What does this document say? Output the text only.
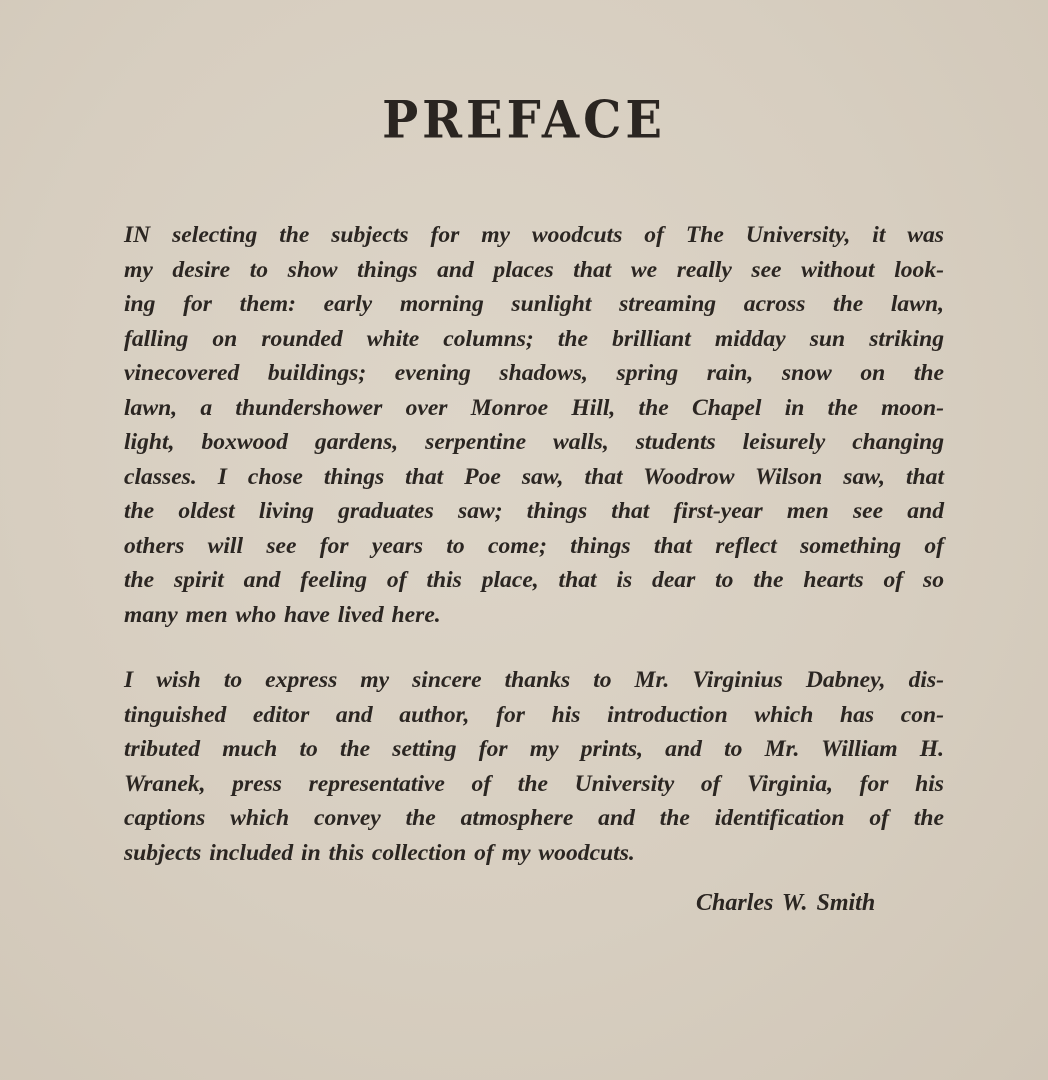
PREFACE
IN selecting the subjects for my woodcuts of The University, it was
my desire to show things and places that we really see without look-
ing for them: early morning sunlight streaming across the lawn,
falling on rounded white columns; the brilliant midday sun striking
vinecovered buildings; evening shadows, spring rain, snow on the
lawn, a thundershower over Monroe Hill, the Chapel in the moon-
light, boxwood gardens, serpentine walls, students leisurely changing
classes. I chose things that Poe saw, that Woodrow Wilson saw, that
the oldest living graduates saw; things that first-year men see and
others will see for years to come; things that reflect something of
the spirit and feeling of this place, that is dear to the hearts of so
many men who have lived here.
I wish to express my sincere thanks to Mr. Virginius Dabney, dis-
tinguished editor and author, for his introduction which has con-
tributed much to the setting for my prints, and to Mr. William H.
Wranek, press representative of the University of Virginia, for his
captions which convey the atmosphere and the identification of the
subjects included in this collection of my woodcuts.
Charles W. Smith
